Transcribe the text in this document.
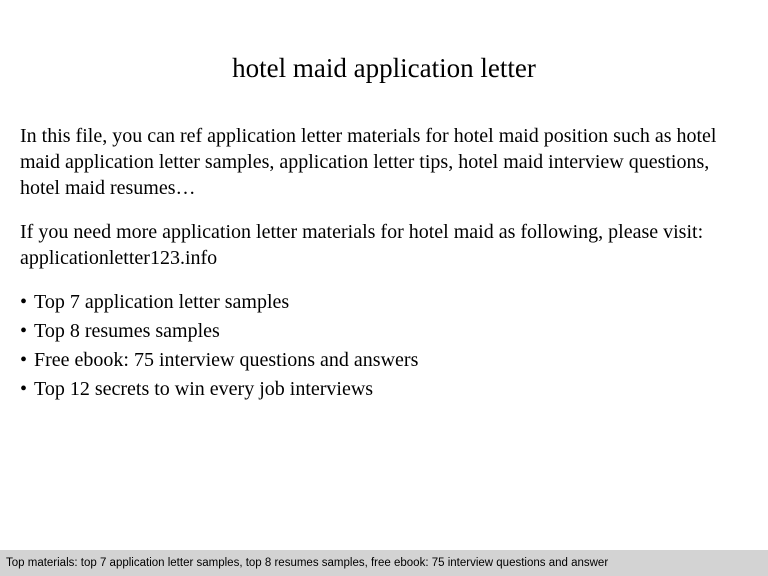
hotel maid application letter

In this file, you can ref application letter materials for hotel maid position such as hotel maid application letter samples, application letter tips, hotel maid interview questions, hotel maid resumes…

If you need more application letter materials for hotel maid as following, please visit: applicationletter123.info

• Top 7 application letter samples
• Top 8 resumes samples
• Free ebook: 75 interview questions and answers
• Top 12 secrets to win every job interviews
Top materials: top 7 application letter samples, top 8 resumes samples, free ebook: 75 interview questions and answer
